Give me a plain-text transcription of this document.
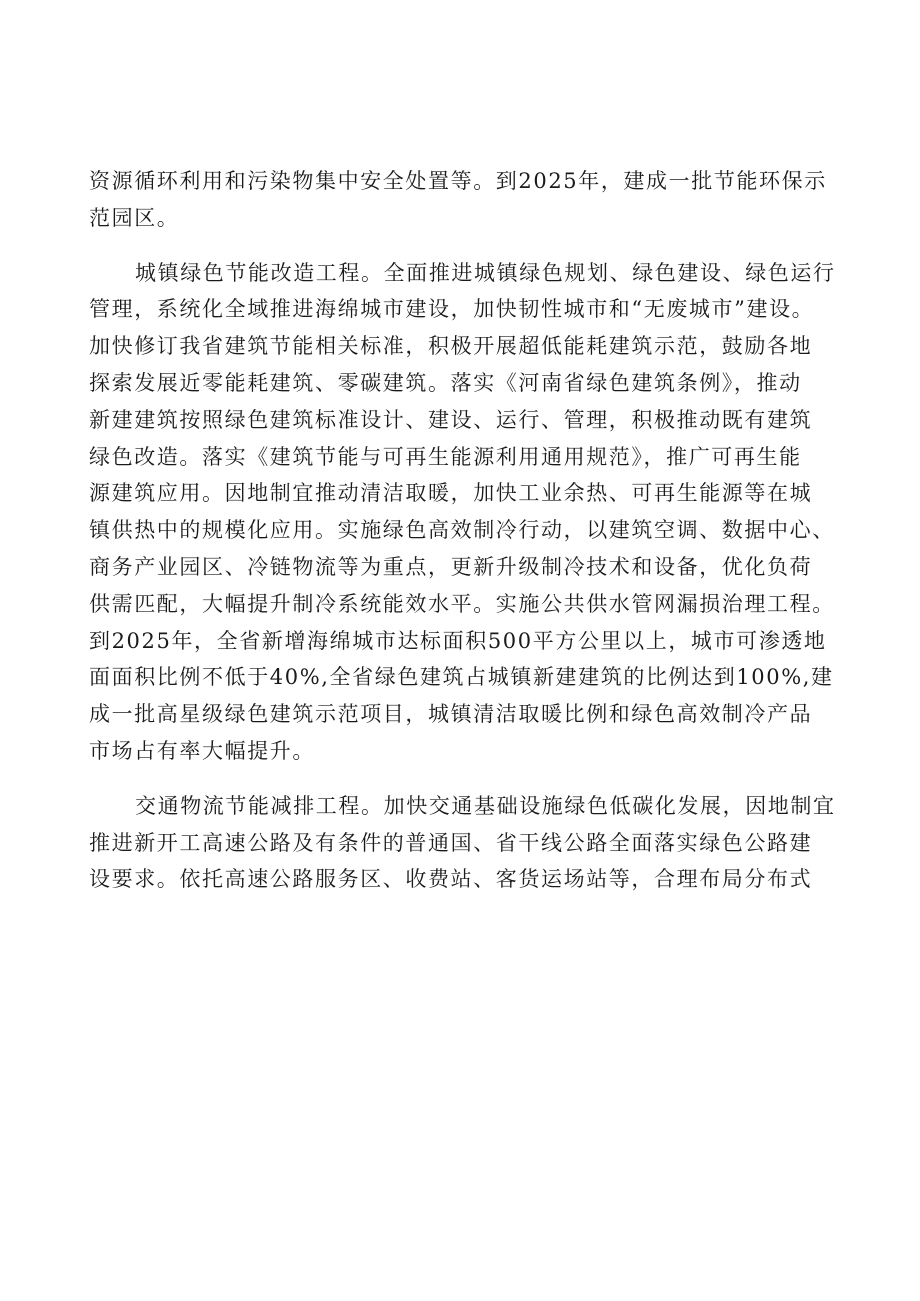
资源循环利用和污染物集中安全处置等。到2025年，建成一批节能环保示
范园区。
城镇绿色节能改造工程。全面推进城镇绿色规划、绿色建设、绿色运行
管理，系统化全域推进海绵城市建设，加快韧性城市和“无废城市”建设。
加快修订我省建筑节能相关标准，积极开展超低能耗建筑示范，鼓励各地
探索发展近零能耗建筑、零碳建筑。落实《河南省绿色建筑条例》，推动
新建建筑按照绿色建筑标准设计、建设、运行、管理，积极推动既有建筑
绿色改造。落实《建筑节能与可再生能源利用通用规范》，推广可再生能
源建筑应用。因地制宜推动清洁取暖，加快工业余热、可再生能源等在城
镇供热中的规模化应用。实施绿色高效制冷行动，以建筑空调、数据中心、
商务产业园区、冷链物流等为重点，更新升级制冷技术和设备，优化负荷
供需匹配，大幅提升制冷系统能效水平。实施公共供水管网漏损治理工程。
到2025年，全省新增海绵城市达标面积500平方公里以上，城市可渗透地
面面积比例不低于40%,全省绿色建筑占城镇新建建筑的比例达到100%,建
成一批高星级绿色建筑示范项目，城镇清洁取暖比例和绿色高效制冷产品
市场占有率大幅提升。
交通物流节能减排工程。加快交通基础设施绿色低碳化发展，因地制宜
推进新开工高速公路及有条件的普通国、省干线公路全面落实绿色公路建
设要求。依托高速公路服务区、收费站、客货运场站等，合理布局分布式
